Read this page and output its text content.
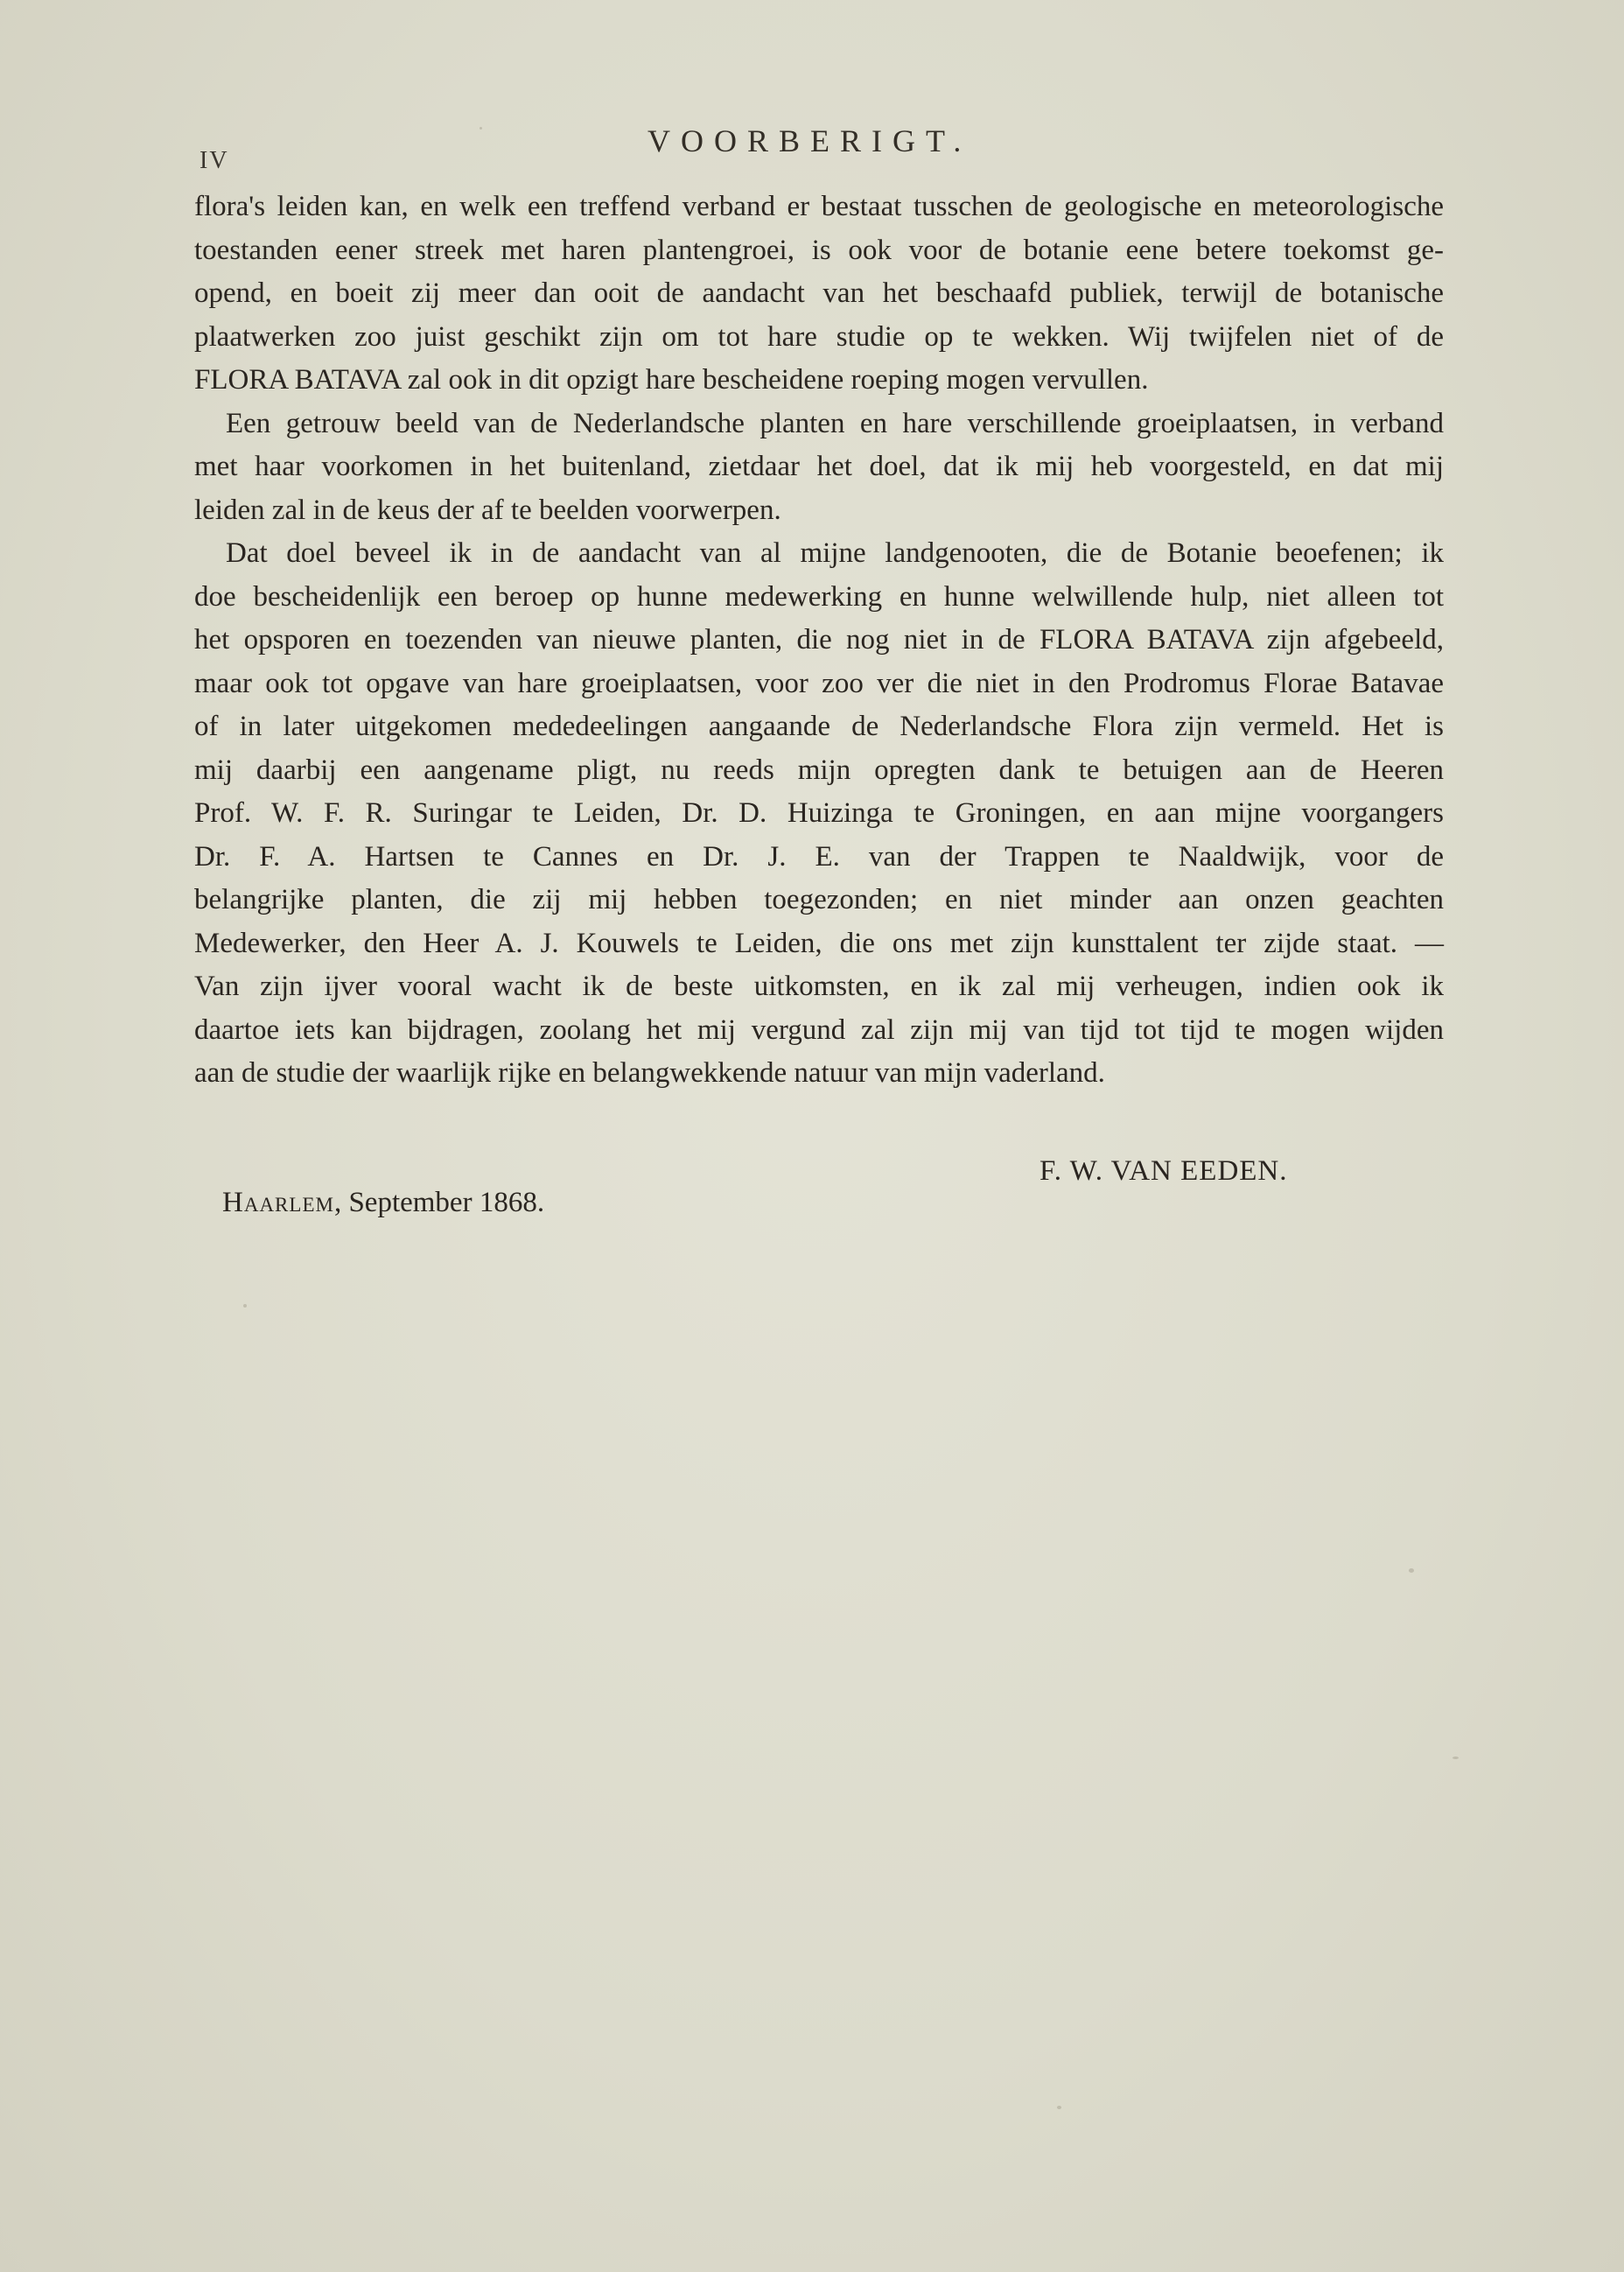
IV
VOORBERIGT.

flora's leiden kan, en welk een treffend verband er bestaat tusschen de geologische en meteorologische
toestanden eener streek met haren plantengroei, is ook voor de botanie eene betere toekomst ge-
opend, en boeit zij meer dan ooit de aandacht van het beschaafd publiek, terwijl de botanische
plaatwerken zoo juist geschikt zijn om tot hare studie op te wekken. Wij twijfelen niet of de
FLORA BATAVA zal ook in dit opzigt hare bescheidene roeping mogen vervullen.

Een getrouw beeld van de Nederlandsche planten en hare verschillende groeiplaatsen, in verband

met haar voorkomen in het buitenland, zietdaar het doel, dat ik mij heb voorgesteld, en dat mij
leiden zal in de keus der af te beelden voorwerpen.

Dat doel beveel ik in de aandacht van al mijne landgenooten, die de Botanie beoefenen; ik

doe bescheidenlijk een beroep op hunne medewerking en hunne welwillende hulp, niet alleen tot
het opsporen en toezenden van nieuwe planten, die nog niet in de FLORA BATAVA zijn afgebeeld,
maar ook tot opgave van hare groeiplaatsen, voor zoo ver die niet in den Prodromus Florae Batavae
of in later uitgekomen mededeelingen aangaande de Nederlandsche Flora zijn vermeld. Het is
mij daarbij een aangename pligt, nu reeds mijn opregten dank te betuigen aan de Heeren
Prof. W. F. R. Suringar te Leiden, Dr. D. Huizinga te Groningen, en aan mijne voorgangers
Dr. F. A. Hartsen te Cannes en Dr. J. E. van der Trappen te Naaldwijk, voor de
belangrijke planten, die zij mij hebben toegezonden; en niet minder aan onzen geachten
Medewerker, den Heer A. J. Kouwels te Leiden, die ons met zijn kunsttalent ter zijde staat. —
Van zijn ijver vooral wacht ik de beste uitkomsten, en ik zal mij verheugen, indien ook ik
daartoe iets kan bijdragen, zoolang het mij vergund zal zijn mij van tijd tot tijd te mogen wijden
aan de studie der waarlijk rijke en belangwekkende natuur van mijn vaderland.

F. W. VAN EEDEN.
Haarlem, September 1868.
